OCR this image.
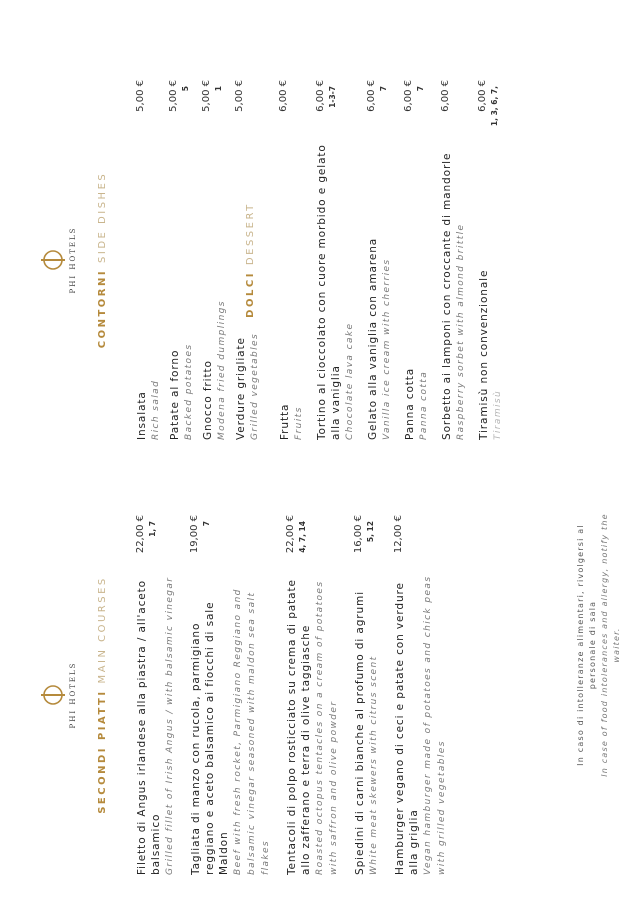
PHI HOTELS SECONDI PIATTIMAIN COURSES	Filetto di Angus irlandese alla piastra / all'aceto balsamico Grilled fillet of Irish Angus / with balsamic vinegar
22,00 € 1, 7
Tagliata di manzo con rucola, parmigiano reggiano e aceto balsamico ai fiocchi di sale Maldon Beef with fresh rocket, Parmigiano Reggiano and balsamic vinegar seasoned with maldon sea salt flakes
19,00 € 7
Tentacoli di polpo rosticciato su crema di patate allo zafferano e terra di olive taggiasche Roasted octopus tentacles on a cream of potatoes with saffron and olive powder
22,00 € 4, 7, 14
Spiedini di carni bianche al profumo di agrumi White meat skewers with citrus scent
16,00 € 5, 12
Hamburger vegano di ceci e patate con verdure alla griglia Vegan hamburger made of potatoes and chick peas with grilled vegetables
12,00 €	In caso di intolleranze alimentari, rivolgersi al personale di sala In case of food intolerances and allergy, notify the waiter.
PHI HOTELS
CONTORNISIDE DISHES
Insalata Rich salad
5,00 €
Patate al forno Backed potatoes
5,00 € 5
Gnocco fritto Modena fried dumplings
5,00 € 1
Verdure grigliate Grilled vegetables
5,00 €
DOLCIDESSERT
Frutta Fruits
6,00 €
Tortino al cioccolato con cuore morbido e gelato alla vaniglia Chocolate lava cake
6,00 € 1-3-7
Gelato alla vaniglia con amarena Vanilla ice cream with cherries
6,00 € 7
Panna cotta Panna cotta
6,00 € 7
Sorbetto ai lamponi con croccante di mandorle Raspberry sorbet with almond brittle
6,00 €
Tiramisù non convenzionale Tiramisù
6,00 € 1, 3, 6, 7,
